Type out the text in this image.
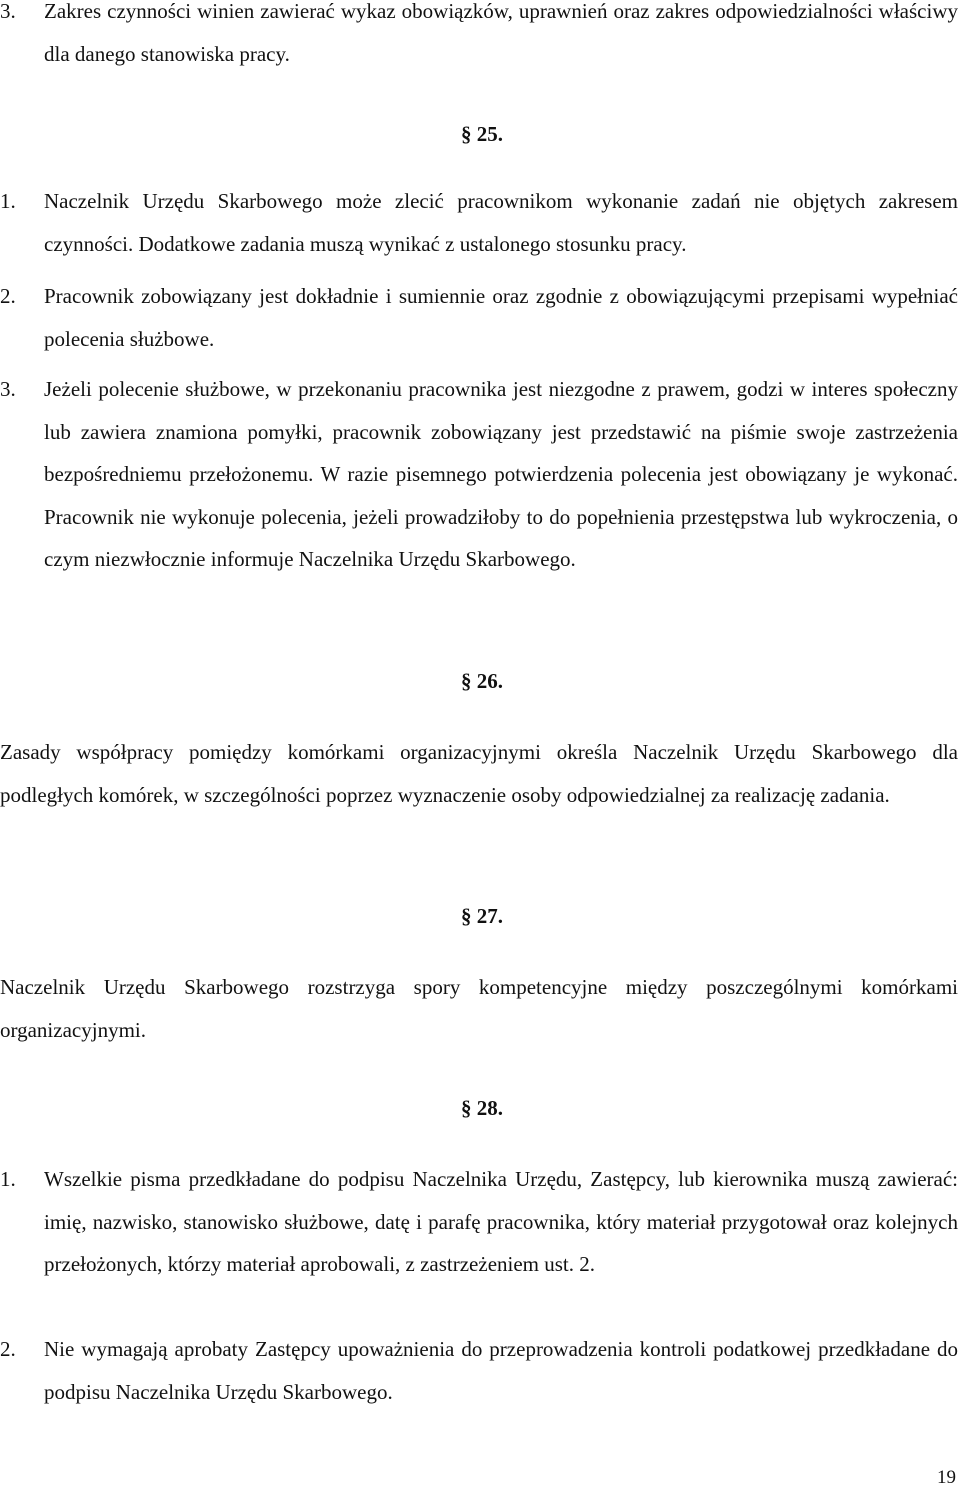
3. Zakres czynności winien zawierać wykaz obowiązków, uprawnień oraz zakres odpowiedzialności właściwy dla danego stanowiska pracy.
§ 25.
1. Naczelnik Urzędu Skarbowego może zlecić pracownikom wykonanie zadań nie objętych zakresem czynności. Dodatkowe zadania muszą wynikać z ustalonego stosunku pracy.
2. Pracownik zobowiązany jest dokładnie i sumiennie oraz zgodnie z obowiązującymi przepisami wypełniać polecenia służbowe.
3. Jeżeli polecenie służbowe, w przekonaniu pracownika jest niezgodne z prawem, godzi w interes społeczny lub zawiera znamiona pomyłki, pracownik zobowiązany jest przedstawić na piśmie swoje zastrzeżenia bezpośredniemu przełożonemu. W razie pisemnego potwierdzenia polecenia jest obowiązany je wykonać. Pracownik nie wykonuje polecenia, jeżeli prowadziłoby to do popełnienia przestępstwa lub wykroczenia, o czym niezwłocznie informuje Naczelnika Urzędu Skarbowego.
§ 26.
Zasady współpracy pomiędzy komórkami organizacyjnymi określa Naczelnik Urzędu Skarbowego dla podległych komórek, w szczególności poprzez wyznaczenie osoby odpowiedzialnej za realizację zadania.
§ 27.
Naczelnik Urzędu Skarbowego rozstrzyga spory kompetencyjne między poszczególnymi komórkami organizacyjnymi.
§ 28.
1. Wszelkie pisma przedkładane do podpisu Naczelnika Urzędu, Zastępcy, lub kierownika muszą zawierać: imię, nazwisko, stanowisko służbowe, datę i parafę pracownika, który materiał przygotował oraz kolejnych przełożonych, którzy materiał aprobowali, z zastrzeżeniem ust. 2.
2. Nie wymagają aprobaty Zastępcy upoważnienia do przeprowadzenia kontroli podatkowej przedkładane do podpisu Naczelnika Urzędu Skarbowego.
19
